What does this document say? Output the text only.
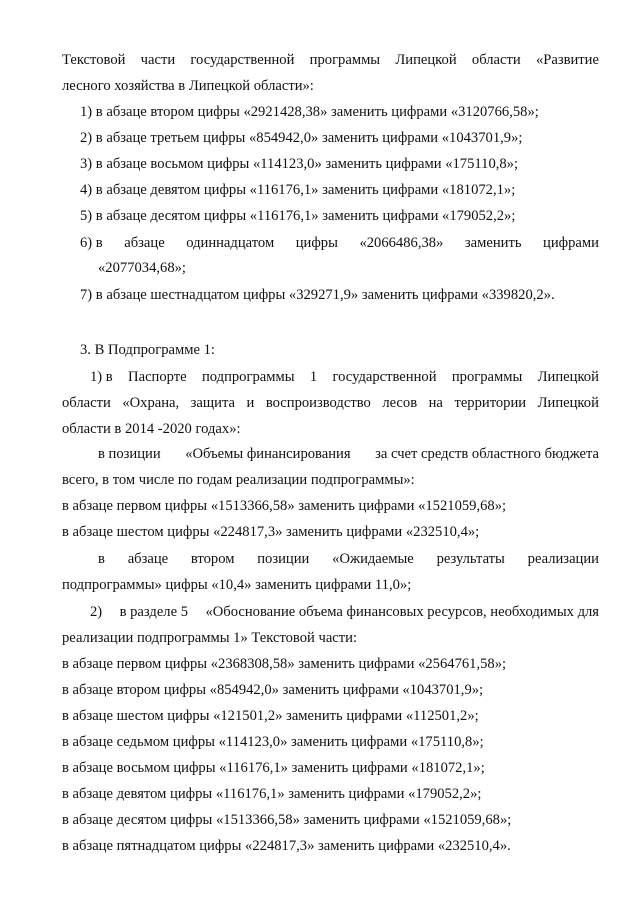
Текстовой части государственной программы Липецкой области «Развитие
лесного хозяйства в Липецкой области»:
1) в абзаце втором цифры «2921428,38» заменить цифрами «3120766,58»;
2) в абзаце третьем цифры «854942,0» заменить цифрами «1043701,9»;
3) в абзаце восьмом цифры «114123,0» заменить цифрами «175110,8»;
4) в абзаце девятом цифры «116176,1» заменить цифрами «181072,1»;
5) в абзаце десятом цифры «116176,1» заменить цифрами «179052,2»;
6) в абзаце одиннадцатом цифры «2066486,38» заменить цифрами
«2077034,68»;
7) в абзаце шестнадцатом цифры «329271,9» заменить цифрами «339820,2».
3. В Подпрограмме 1:
1) в Паспорте подпрограммы 1 государственной программы Липецкой
области «Охрана, защита и воспроизводство лесов на территории Липецкой
области в 2014 -2020 годах»:
в позиции «Объемы финансирования за счет средств областного бюджета
всего, в том числе по годам реализации подпрограммы»:
в абзаце первом цифры «1513366,58» заменить цифрами «1521059,68»;
в абзаце шестом цифры «224817,3» заменить цифрами «232510,4»;
в абзаце втором позиции «Ожидаемые результаты реализации
подпрограммы» цифры «10,4» заменить цифрами 11,0»;
2) в разделе 5 «Обоснование объема финансовых ресурсов, необходимых для
реализации подпрограммы 1» Текстовой части:
в абзаце первом цифры «2368308,58» заменить цифрами «2564761,58»;
в абзаце втором цифры «854942,0» заменить цифрами «1043701,9»;
в абзаце шестом цифры «121501,2» заменить цифрами «112501,2»;
в абзаце седьмом цифры «114123,0» заменить цифрами «175110,8»;
в абзаце восьмом цифры «116176,1» заменить цифрами «181072,1»;
в абзаце девятом цифры «116176,1» заменить цифрами «179052,2»;
в абзаце десятом цифры «1513366,58» заменить цифрами «1521059,68»;
в абзаце пятнадцатом цифры «224817,3» заменить цифрами «232510,4».
